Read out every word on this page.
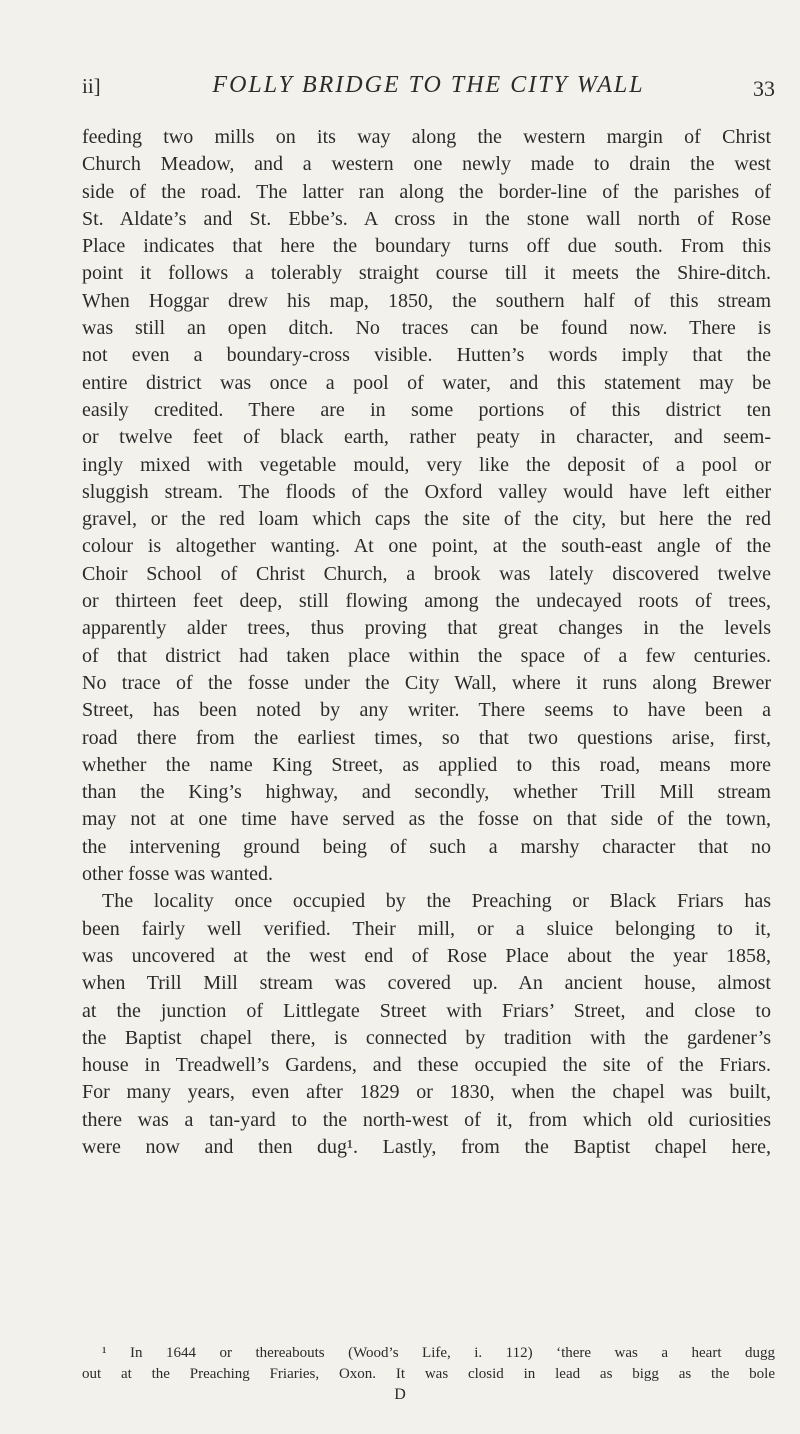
ii]	FOLLY BRIDGE TO THE CITY WALL	33
feeding two mills on its way along the western margin of Christ
Church Meadow, and a western one newly made to drain the west
side of the road. The latter ran along the border-line of the parishes of
St. Aldate’s and St. Ebbe’s. A cross in the stone wall north of Rose
Place indicates that here the boundary turns off due south. From this
point it follows a tolerably straight course till it meets the Shire-ditch.
When Hoggar drew his map, 1850, the southern half of this stream
was still an open ditch. No traces can be found now. There is
not even a boundary-cross visible. Hutten’s words imply that the
entire district was once a pool of water, and this statement may be
easily credited. There are in some portions of this district ten
or twelve feet of black earth, rather peaty in character, and seem-
ingly mixed with vegetable mould, very like the deposit of a pool or
sluggish stream. The floods of the Oxford valley would have left either
gravel, or the red loam which caps the site of the city, but here the red
colour is altogether wanting. At one point, at the south-east angle of the
Choir School of Christ Church, a brook was lately discovered twelve
or thirteen feet deep, still flowing among the undecayed roots of trees,
apparently alder trees, thus proving that great changes in the levels
of that district had taken place within the space of a few centuries.
No trace of the fosse under the City Wall, where it runs along Brewer
Street, has been noted by any writer. There seems to have been a
road there from the earliest times, so that two questions arise, first,
whether the name King Street, as applied to this road, means more
than the King’s highway, and secondly, whether Trill Mill stream
may not at one time have served as the fosse on that side of the town,
the intervening ground being of such a marshy character that no
other fosse was wanted.
The locality once occupied by the Preaching or Black Friars has
been fairly well verified. Their mill, or a sluice belonging to it,
was uncovered at the west end of Rose Place about the year 1858,
when Trill Mill stream was covered up. An ancient house, almost
at the junction of Littlegate Street with Friars’ Street, and close to
the Baptist chapel there, is connected by tradition with the gardener’s
house in Treadwell’s Gardens, and these occupied the site of the Friars.
For many years, even after 1829 or 1830, when the chapel was built,
there was a tan-yard to the north-west of it, from which old curiosities
were now and then dug¹. Lastly, from the Baptist chapel here,
¹ In 1644 or thereabouts (Wood’s Life, i. 112) ‘there was a heart dugg
out at the Preaching Friaries, Oxon. It was closid in lead as bigg as the bole
D
